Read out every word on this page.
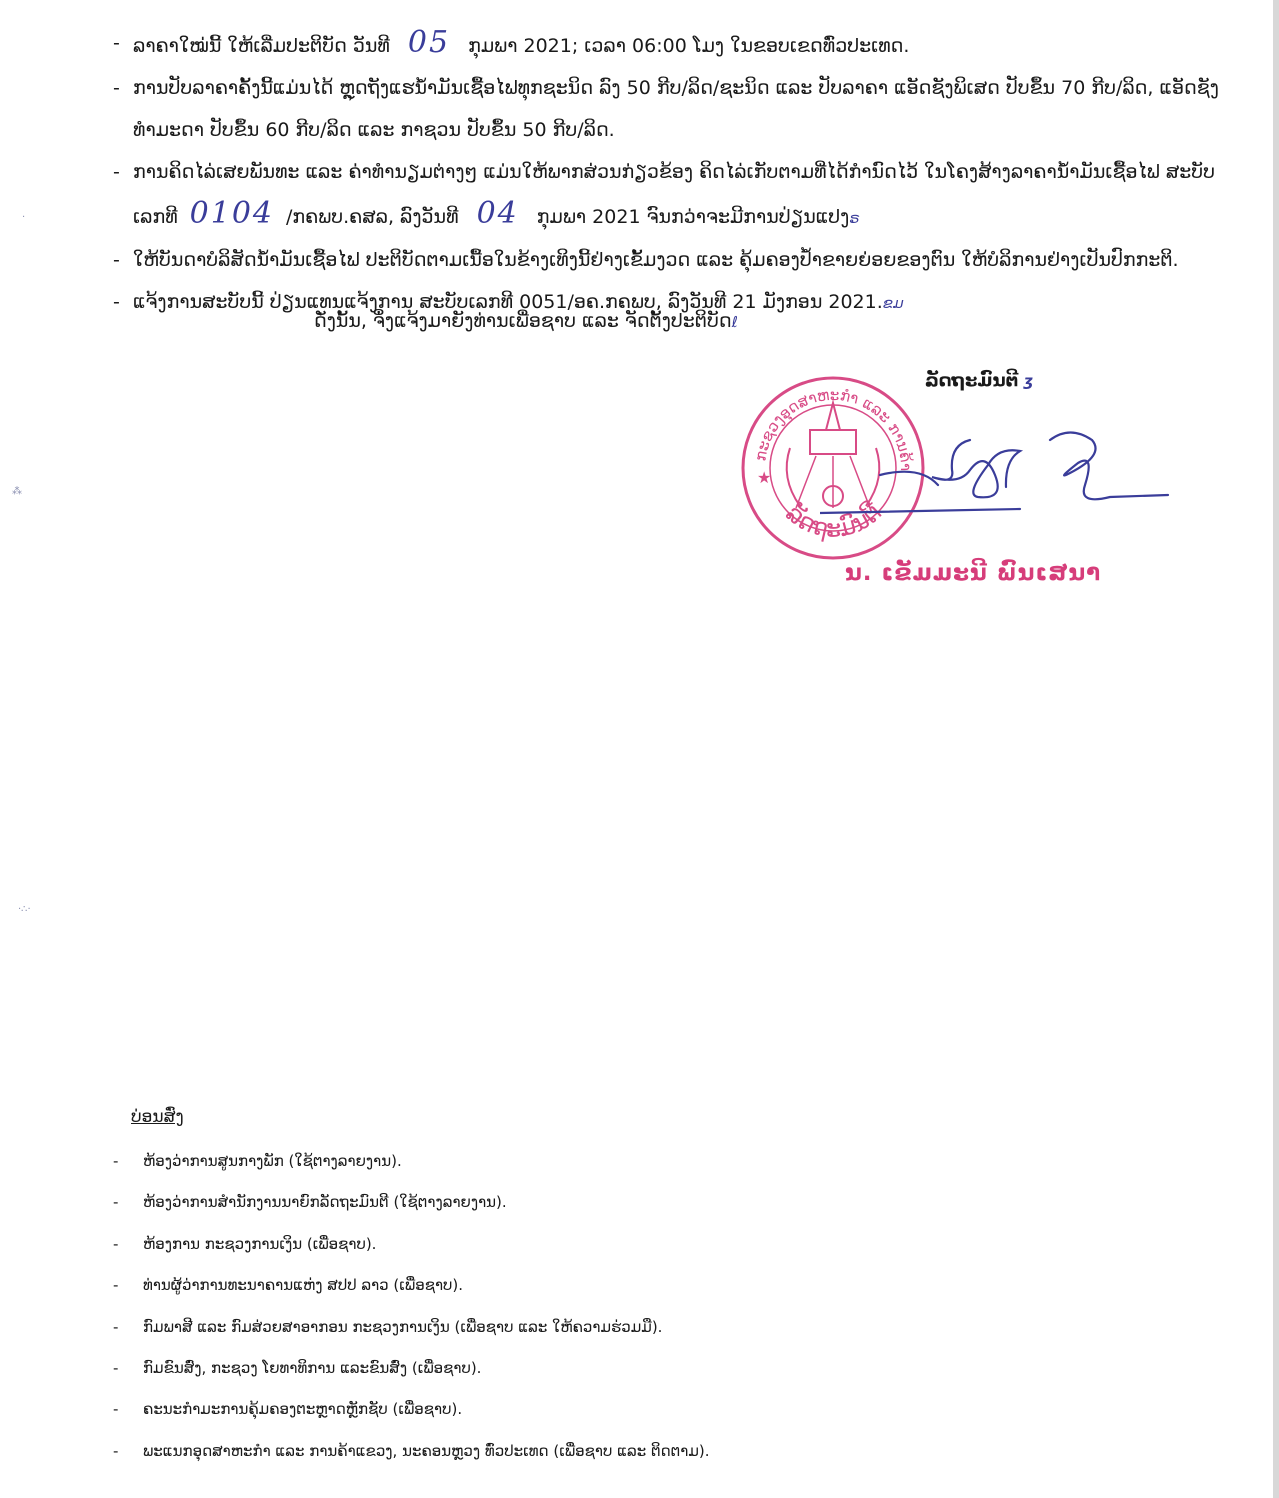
- ລາຄາໃໝ່ນີ້ ໃຫ້ເລີ່ມປະຕິບັດ ວັນທີ 05 ກຸມພາ 2021; ເວລາ 06:00 ໂມງ ໃນຂອບເຂດທົ່ວປະເທດ.
- ການປັບລາຄາຄັ້ງນີ້ແມ່ນໄດ້ ຫຼຸດຖັງແຮນ້ຳມັນເຊື້ອໄຟທຸກຊະນິດ ລົງ 50 ກີບ/ລິດ/ຊະນິດ ແລະ ປັບລາຄາ ແອັດຊັງພິເສດ ປັບຂຶ້ນ 70 ກີບ/ລິດ, ແອັດຊັງທຳມະດາ ປັບຂຶ້ນ 60 ກີບ/ລິດ ແລະ ກາຊວນ ປັບຂຶ້ນ 50 ກີບ/ລິດ.
- ການຄິດໄລ່ເສຍພັນທະ ແລະ ຄ່າທຳນຽມຕ່າງໆ ແມ່ນໃຫ້ພາກສ່ວນກ່ຽວຂ້ອງ ຄິດໄລ່ເກັບຕາມທີ່ໄດ້ກຳນົດໄວ້ ໃນໂຄງສ້າງລາຄານ້ຳມັນເຊື້ອໄຟ ສະບັບເລກທີ 0104 /ກຄພບ.ຄສລ, ລົງວັນທີ 04 ກຸມພາ 2021 ຈົນກວ່າຈະມີການປ່ຽນແປງຣ
- ໃຫ້ບັນດາບໍລິສັດນ້ຳມັນເຊື້ອໄຟ ປະຕິບັດຕາມເນື້ອໃນຂ້າງເທິງນີ້ຢ່າງເຂັ້ມງວດ ແລະ ຄຸ້ມຄອງປ້ຳຂາຍຍ່ອຍຂອງຕົນ ໃຫ້ບໍລິການຢ່າງເປັນປົກກະຕິ.
- ແຈ້ງການສະບັບນີ້ ປ່ຽນແທນແຈ້ງການ ສະບັບເລກທີ 0051/ອຄ.ກຄພບ, ລົງວັນທີ 21 ມັງກອນ 2021.ຂມ
ດັ່ງນັ້ນ, ຈຶ່ງແຈ້ງມາຍັງທ່ານເພື່ອຊາບ ແລະ ຈັດຕັ້ງປະຕິບັດℓ
ກະຊວງອຸດສາຫະກຳ ແລະ ການຄ້າ
ລັດຖະມົນຕີ
★
ລັດຖະມົນຕີ ʒ
ນ. ເຂັມມະນີ ພົນເສນາ
ບ່ອນສົ່ງ
- ຫ້ອງວ່າການສູນກາງພັກ (ໃຊ້ຕາງລາຍງານ).
- ຫ້ອງວ່າການສຳນັກງານນາຍົກລັດຖະມົນຕີ (ໃຊ້ຕາງລາຍງານ).
- ຫ້ອງການ ກະຊວງການເງິນ (ເພື່ອຊາບ).
- ທ່ານຜູ້ວ່າການທະນາຄານແຫ່ງ ສປປ ລາວ (ເພື່ອຊາບ).
- ກົມພາສີ ແລະ ກົມສ່ວຍສາອາກອນ ກະຊວງການເງິນ (ເພື່ອຊາບ ແລະ ໃຫ້ຄວາມຮ່ວມມື).
- ກົມຂົນສົ່ງ, ກະຊວງ ໂຍທາທິການ ແລະຂົນສົ່ງ (ເພື່ອຊາບ).
- ຄະນະກຳມະການຄຸ້ມຄອງຕະຫຼາດຫຼັກຊັບ (ເພື່ອຊາບ).
- ພະແນກອຸດສາຫະກຳ ແລະ ການຄ້າແຂວງ, ນະຄອນຫຼວງ ທົ່ວປະເທດ (ເພື່ອຊາບ ແລະ ຕິດຕາມ).
⁂
·∴·
·
